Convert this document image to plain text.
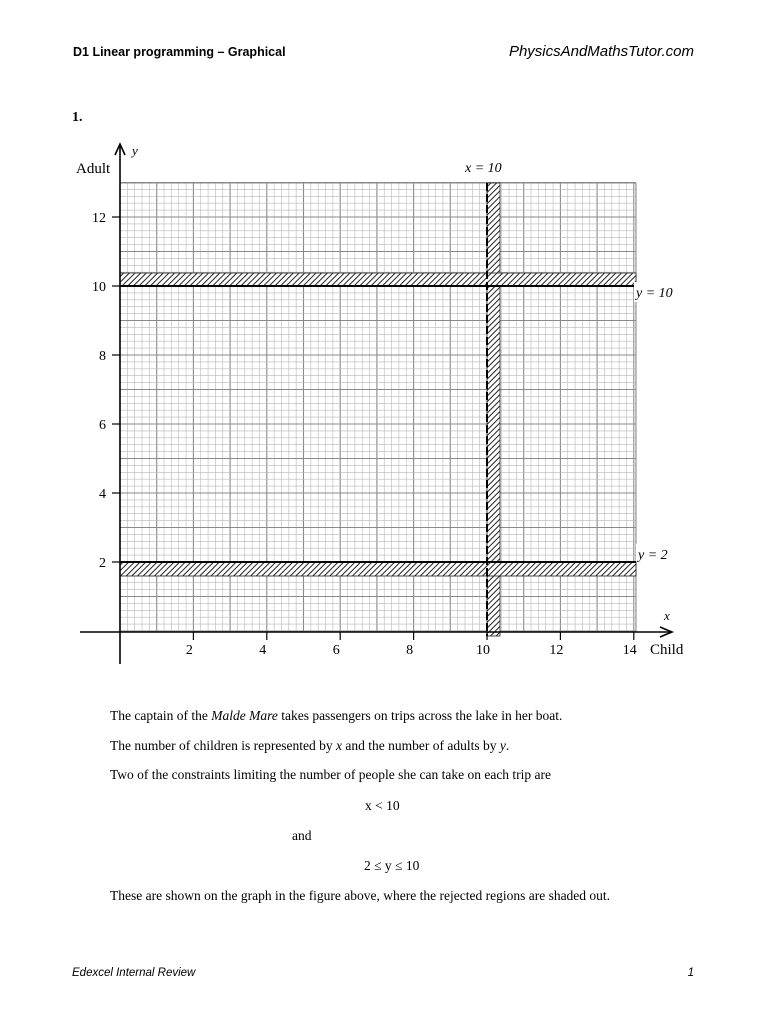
D1 Linear programming – Graphical	PhysicsAndMathsTutor.com
1.
2
4
6
8
10
12
2	4	6	8	10	12	14
y
Adult
x
Child
x = 10
y = 10
y = 2
The captain of the Malde Mare takes passengers on trips across the lake in her boat.
The number of children is represented by x and the number of adults by y.
Two of the constraints limiting the number of people she can take on each trip are
x < 10
and
2 ≤ y ≤ 10
These are shown on the graph in the figure above, where the rejected regions are shaded out.
Edexcel Internal Review	1
